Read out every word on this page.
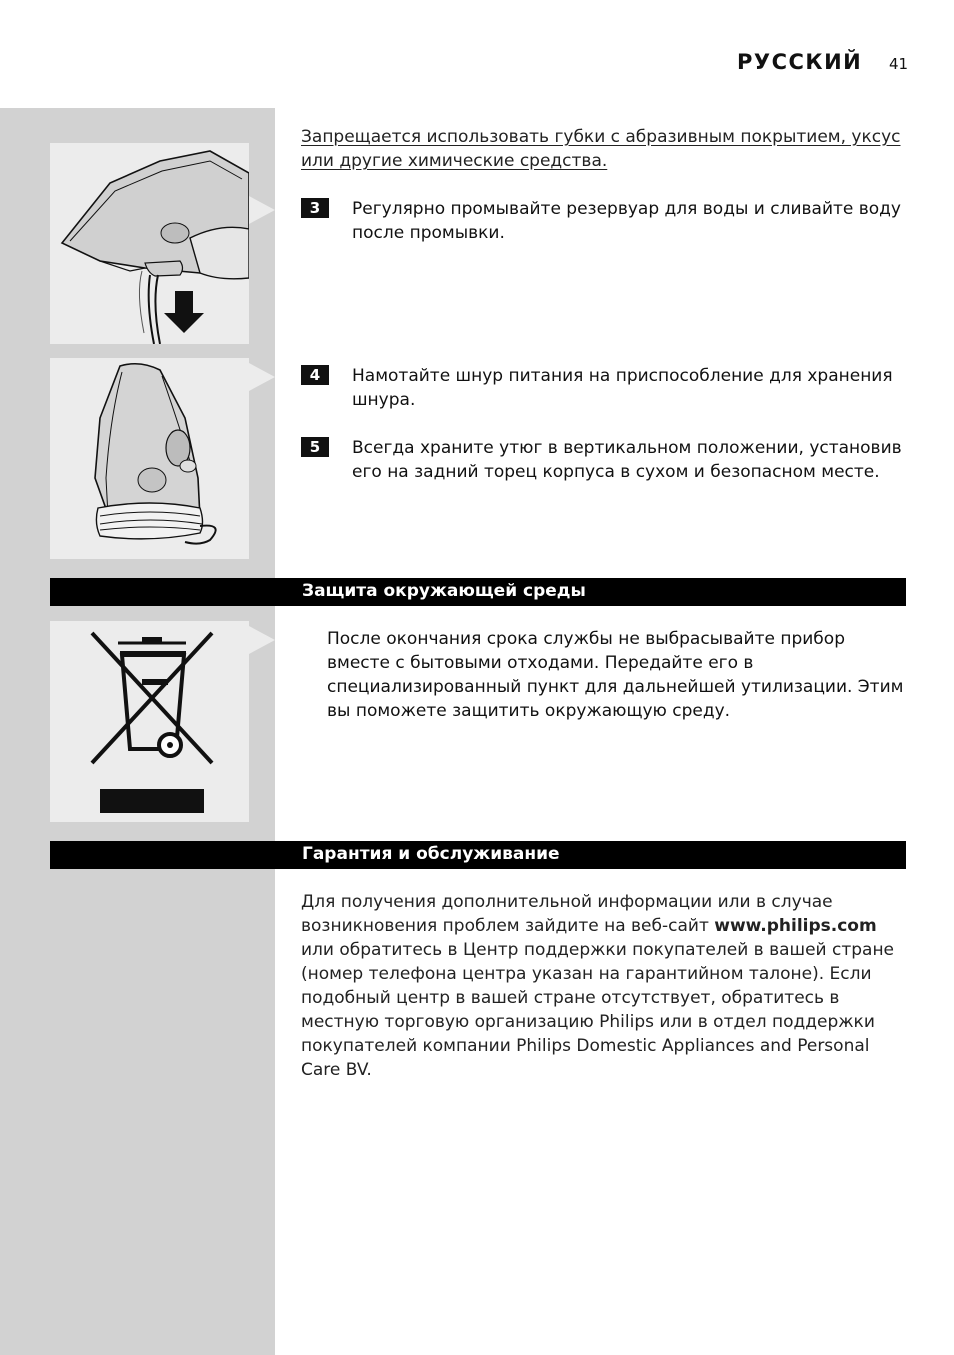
РУССКИЙ 41
Запрещается использовать губки с абразивным покрытием, уксус
или другие химические средства.
3	Регулярно промывайте резервуар для воды и сливайте воду после промывки.
4	Намотайте шнур питания на приспособление для хранения шнура.
5	Всегда храните утюг в вертикальном положении, установив его на задний торец корпуса в сухом и безопасном месте.
Защита окружающей среды
После окончания срока службы не выбрасывайте прибор вместе с бытовыми отходами. Передайте его в специализированный пункт для дальнейшей утилизации. Этим вы поможете защитить окружающую среду.
Гарантия и обслуживание
Для получения дополнительной информации или в случае возникновения проблем зайдите на веб-сайт www.philips.com или обратитесь в Центр поддержки покупателей в вашей стране (номер телефона центра указан на гарантийном талоне). Если подобный центр в вашей стране отсутствует, обратитесь в местную торговую организацию Philips или в отдел поддержки покупателей компании Philips Domestic Appliances and Personal Care BV.
